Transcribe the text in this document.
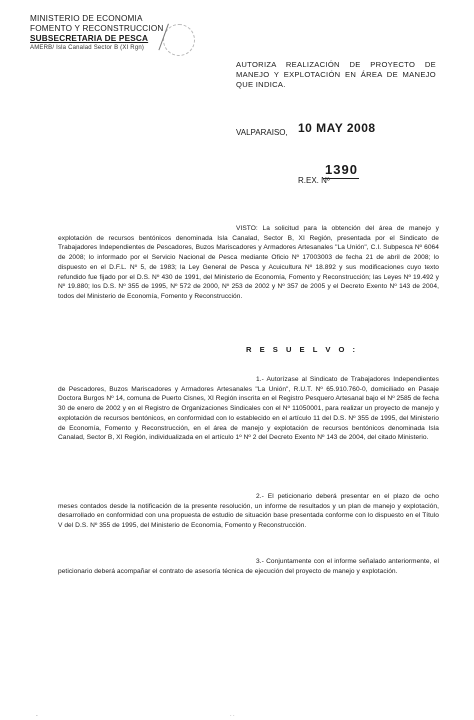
MINISTERIO DE ECONOMIA
FOMENTO Y RECONSTRUCCION
SUBSECRETARIA DE PESCA
AMERB/ Isla Canalad Sector B (XI Rgn)
AUTORIZA REALIZACIÓN DE PROYECTO DE MANEJO Y EXPLOTACIÓN EN ÁREA DE MANEJO QUE INDICA.
VALPARAISO, 10 MAY 2008
R.EX. Nº
1390
VISTO: La solicitud para la obtención del área de manejo y explotación de recursos bentónicos denominada Isla Canalad, Sector B, XI Región, presentada por el Sindicato de Trabajadores Independientes de Pescadores, Buzos Mariscadores y Armadores Artesanales "La Unión", C.I. Subpesca Nº 6064 de 2008; lo informado por el Servicio Nacional de Pesca mediante Oficio Nº 17003003 de fecha 21 de abril de 2008; lo dispuesto en el D.F.L. Nº 5, de 1983; la Ley General de Pesca y Acuicultura Nº 18.892 y sus modificaciones cuyo texto refundido fue fijado por el D.S. Nº 430 de 1991, del Ministerio de Economía, Fomento y Reconstrucción; las Leyes Nº 19.492 y Nº 19.880; los D.S. Nº 355 de 1995, Nº 572 de 2000, Nº 253 de 2002 y Nº 357 de 2005 y el Decreto Exento Nº 143 de 2004, todos del Ministerio de Economía, Fomento y Reconstrucción.
R E S U E L V O :
1.- Autorízase al Sindicato de Trabajadores Independientes de Pescadores, Buzos Mariscadores y Armadores Artesanales "La Unión", R.U.T. Nº 65.910.760-0, domiciliado en Pasaje Doctora Burgos Nº 14, comuna de Puerto Cisnes, XI Región inscrita en el Registro Pesquero Artesanal bajo el Nº 2585 de fecha 30 de enero de 2002 y en el Registro de Organizaciones Sindicales con el Nº 11050001, para realizar un proyecto de manejo y explotación de recursos bentónicos, en conformidad con lo establecido en el artículo 11 del D.S. Nº 355 de 1995, del Ministerio de Economía, Fomento y Reconstrucción, en el área de manejo y explotación de recursos bentónicos denominada Isla Canalad, Sector B, XI Región, individualizada en el artículo 1º Nº 2 del Decreto Exento Nº 143 de 2004, del citado Ministerio.
2.- El peticionario deberá presentar en el plazo de ocho meses contados desde la notificación de la presente resolución, un informe de resultados y un plan de manejo y explotación, desarrollado en conformidad con una propuesta de estudio de situación base presentada conforme con lo dispuesto en el Título V del D.S. Nº 355 de 1995, del Ministerio de Economía, Fomento y Reconstrucción.
3.- Conjuntamente con el informe señalado anteriormente, el peticionario deberá acompañar el contrato de asesoría técnica de ejecución del proyecto de manejo y explotación.
-	· ·
